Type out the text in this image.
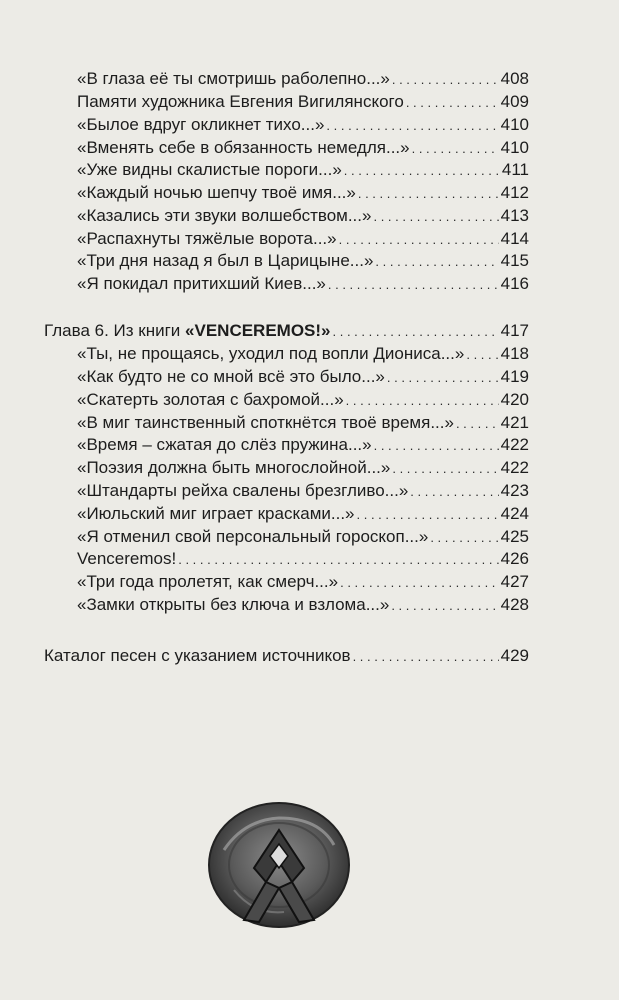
«В глаза её ты смотришь раболепно...» . . .	408
Памяти художника Евгения Вигилянского . . .	409
«Былое вдруг окликнет тихо...» . . .	410
«Вменять себе в обязанность немедля...» . . .	410
«Уже видны скалистые пороги...» . . .	411
«Каждый ночью шепчу твоё имя...» . . .	412
«Казались эти звуки волшебством...» . . .	413
«Распахнуты тяжёлые ворота...» . . .	414
«Три дня назад я был в Царицыне...» . . .	415
«Я покидал притихший Киев...» . . .	416
Глава 6. Из книги «VENCEREMOS!» . . .	417
«Ты, не прощаясь, уходил под вопли Диониса...» . . . 418
«Как будто не со мной всё это было...» . . .	419
«Скатерть золотая с бахромой...» . . .	420
«В миг таинственный споткнётся твоё время...» . . .	421
«Время – сжатая до слёз пружина...» . . .	422
«Поэзия должна быть многослойной...» . . .	422
«Штандарты рейха свалены брезгливо...» . . .	423
«Июльский миг играет красками...» . . .	424
«Я отменил свой персональный гороскоп...» . . .	425
Venceremos! . . .	426
«Три года пролетят, как смерч...» . . .	427
«Замки открыты без ключа и взлома...» . . .	428
Каталог песен с указанием источников . . .	429
